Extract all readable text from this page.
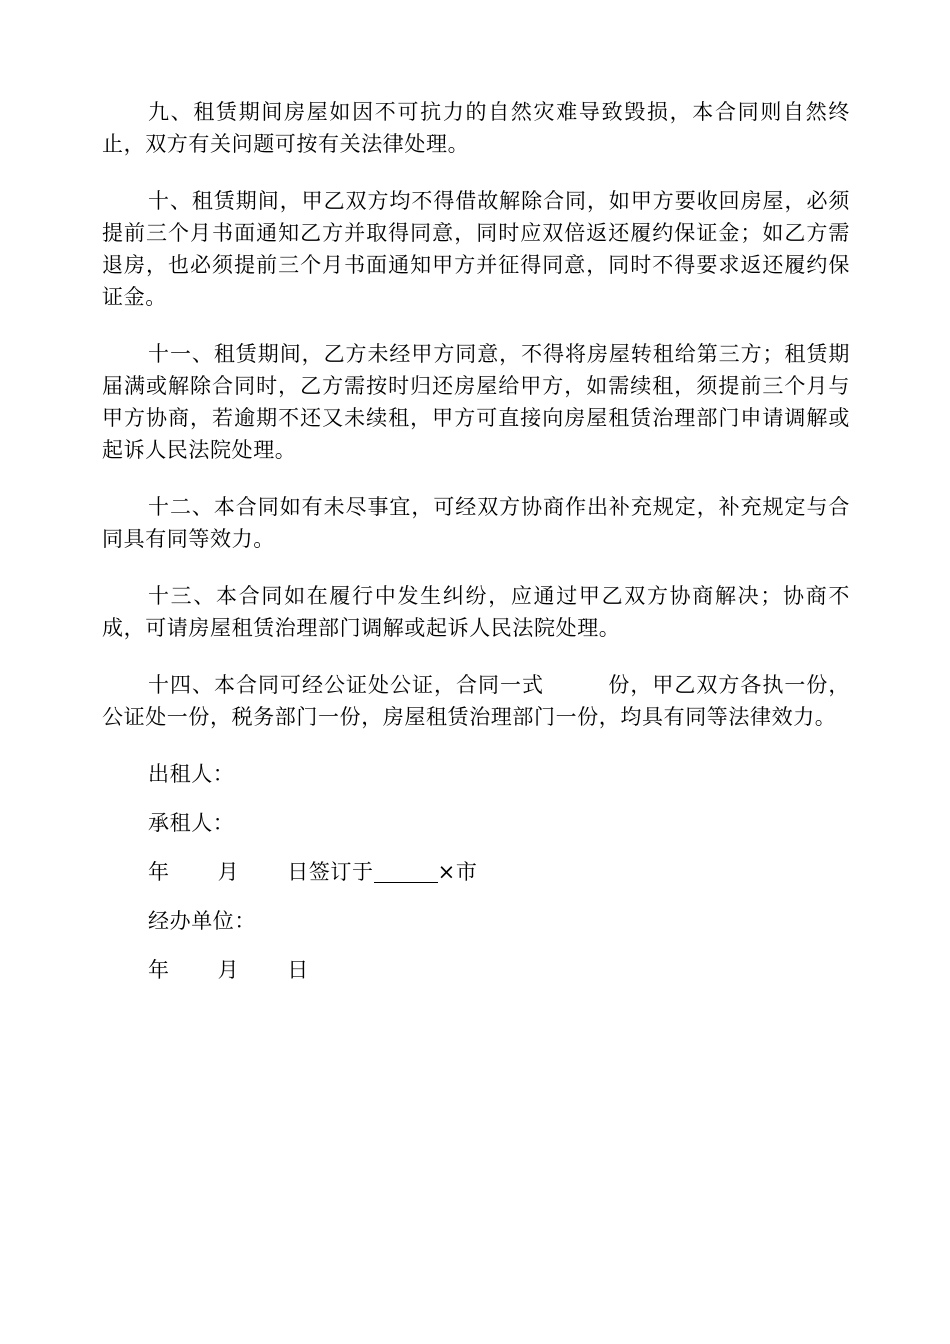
九、租赁期间房屋如因不可抗力的自然灾难导致毁损，本合同则自然终止，双方有关问题可按有关法律处理。

十、租赁期间，甲乙双方均不得借故解除合同，如甲方要收回房屋，必须提前三个月书面通知乙方并取得同意，同时应双倍返还履约保证金；如乙方需退房，也必须提前三个月书面通知甲方并征得同意，同时不得要求返还履约保证金。

十一、租赁期间，乙方未经甲方同意，不得将房屋转租给第三方；租赁期届满或解除合同时，乙方需按时归还房屋给甲方，如需续租，须提前三个月与甲方协商，若逾期不还又未续租，甲方可直接向房屋租赁治理部门申请调解或起诉人民法院处理。

十二、本合同如有未尽事宜，可经双方协商作出补充规定，补充规定与合同具有同等效力。

十三、本合同如在履行中发生纠纷，应通过甲乙双方协商解决；协商不成，可请房屋租赁治理部门调解或起诉人民法院处理。

十四、本合同可经公证处公证，合同一式	份，甲乙双方各执一份，公证处一份，税务部门一份，房屋租赁治理部门一份，均具有同等法律效力。

出租人：
承租人：
年 月 日签订于	×市
经办单位：
年 月 日
